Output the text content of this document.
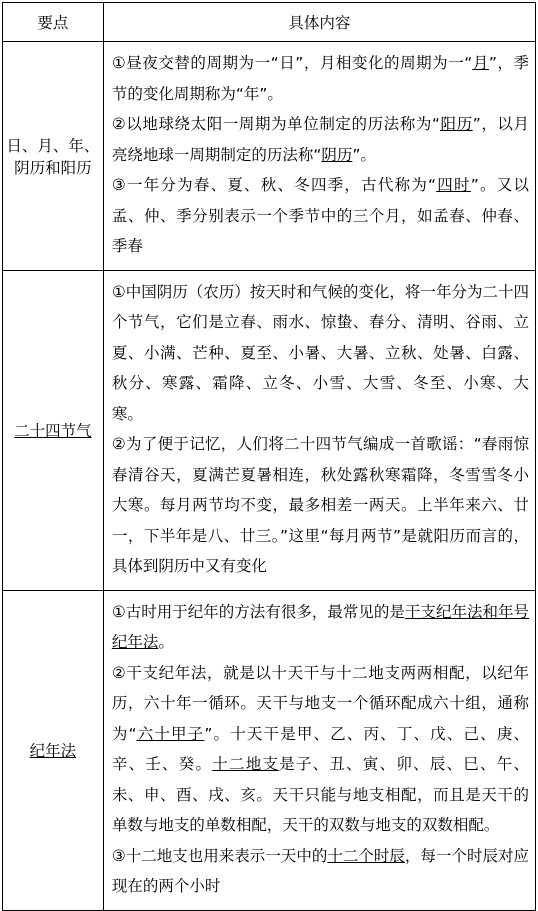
要点	具体内容
日、月、年、阴历和阳历	①昼夜交替的周期为一“日”，月相变化的周期为一“月”，季节的变化周期称为“年”。
②以地球绕太阳一周期为单位制定的历法称为“阳历”，以月亮绕地球一周期制定的历法称“阴历”。
③一年分为春、夏、秋、冬四季，古代称为“四时”。又以孟、仲、季分别表示一个季节中的三个月，如孟春、仲春、季春

二十四节气	①中国阴历（农历）按天时和气候的变化，将一年分为二十四个节气，它们是立春、雨水、惊蛰、春分、清明、谷雨、立夏、小满、芒种、夏至、小暑、大暑、立秋、处暑、白露、秋分、寒露、霜降、立冬、小雪、大雪、冬至、小寒、大寒。
②为了便于记忆，人们将二十四节气编成一首歌谣：“春雨惊春清谷天，夏满芒夏暑相连，秋处露秋寒霜降，冬雪雪冬小大寒。每月两节均不变，最多相差一两天。上半年来六、廿一，下半年是八、廿三。”这里“每月两节”是就阳历而言的，具体到阴历中又有变化

纪年法	①古时用于纪年的方法有很多，最常见的是干支纪年法和年号纪年法。
②干支纪年法，就是以十天干与十二地支两两相配，以纪年历，六十年一循环。天干与地支一个循环配成六十组，通称为“六十甲子”。十天干是甲、乙、丙、丁、戊、己、庚、辛、壬、癸。十二地支是子、丑、寅、卯、辰、巳、午、未、申、酉、戌、亥。天干只能与地支相配，而且是天干的单数与地支的单数相配，天干的双数与地支的双数相配。
③十二地支也用来表示一天中的十二个时辰，每一个时辰对应现在的两个小时
